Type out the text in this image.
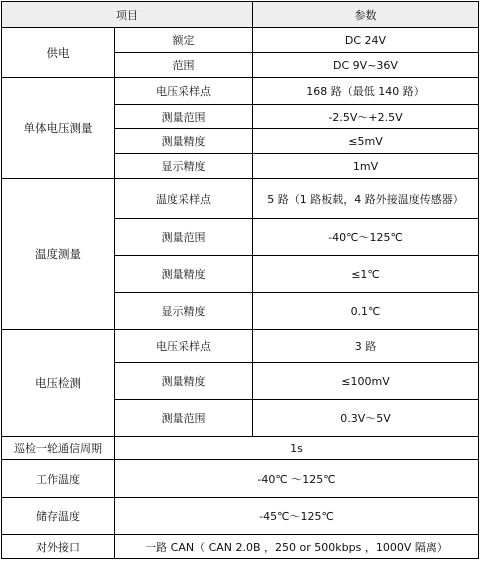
项目		参数
供电	额定	DC 24V
	范围	DC 9V~36V
单体电压测量	电压采样点	168 路（最低 140 路）
	测量范围	-2.5V～+2.5V
	测量精度	≤5mV
	显示精度	1mV
温度测量	温度采样点	5 路（1 路板载，4 路外接温度传感器）
	测量范围	-40℃～125℃
	测量精度	≤1℃
	显示精度	0.1℃
电压检测	电压采样点	3 路
	测量精度	≤100mV
	测量范围	0.3V～5V
巡检一轮通信周期	1s	
工作温度	-40℃ ～125℃	
储存温度	-45℃～125℃	
对外接口	一路 CAN（ CAN 2.0B ，250 or 500kbps ，1000V 隔离）	
